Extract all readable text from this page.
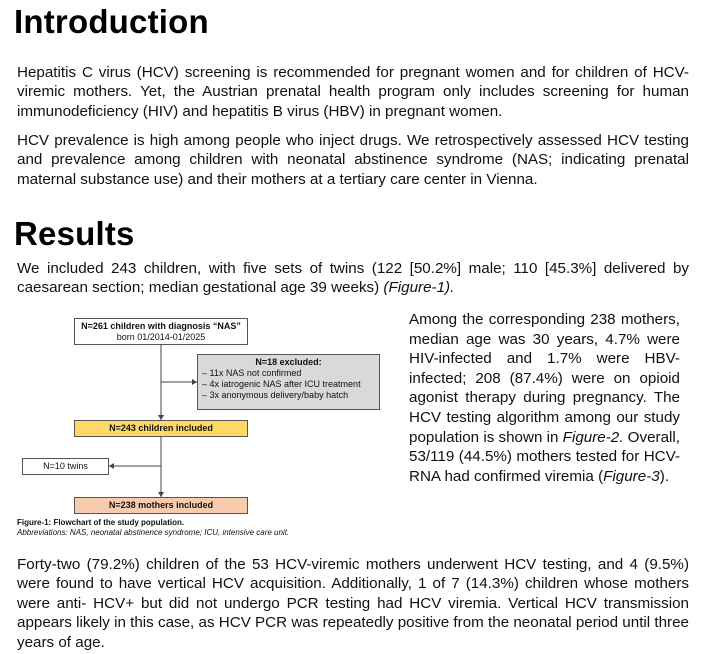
Introduction

Hepatitis C virus (HCV) screening is recommended for pregnant women and for children of HCV-viremic mothers. Yet, the Austrian prenatal health program only includes screening for human immunodeficiency (HIV) and hepatitis B virus (HBV) in pregnant women.

HCV prevalence is high among people who inject drugs. We retrospectively assessed HCV testing and prevalence among children with neonatal abstinence syndrome (NAS; indicating prenatal maternal substance use) and their mothers at a tertiary care center in Vienna.

Results

We included 243 children, with five sets of twins (122 [50.2%] male; 110 [45.3%] delivered by caesarean section; median gestational age 39 weeks) (Figure-1).

N=261 children with diagnosis “NAS”
born 01/2014-01/2025
N=18 excluded:
– 11x NAS not confirmed
– 4x iatrogenic NAS after ICU treatment
– 3x anonymous delivery/baby hatch
N=243 children included
N=10 twins
N=238 mothers included
Figure-1: Flowchart of the study population.
Abbreviations: NAS, neonatal abstinence syndrome; ICU, intensive care unit.

Among the corresponding 238 mothers, median age was 30 years, 4.7% were HIV-infected and 1.7% were HBV-infected; 208 (87.4%) were on opioid agonist therapy during pregnancy. The HCV testing algorithm among our study population is shown in Figure-2. Overall, 53/119 (44.5%) mothers tested for HCV-RNA had confirmed viremia (Figure-3).

Forty-two (79.2%) children of the 53 HCV-viremic mothers underwent HCV testing, and 4 (9.5%) were found to have vertical HCV acquisition. Additionally, 1 of 7 (14.3%) children whose mothers were anti- HCV+ but did not undergo PCR testing had HCV viremia. Vertical HCV transmission appears likely in this case, as HCV PCR was repeatedly positive from the neonatal period until three years of age.
